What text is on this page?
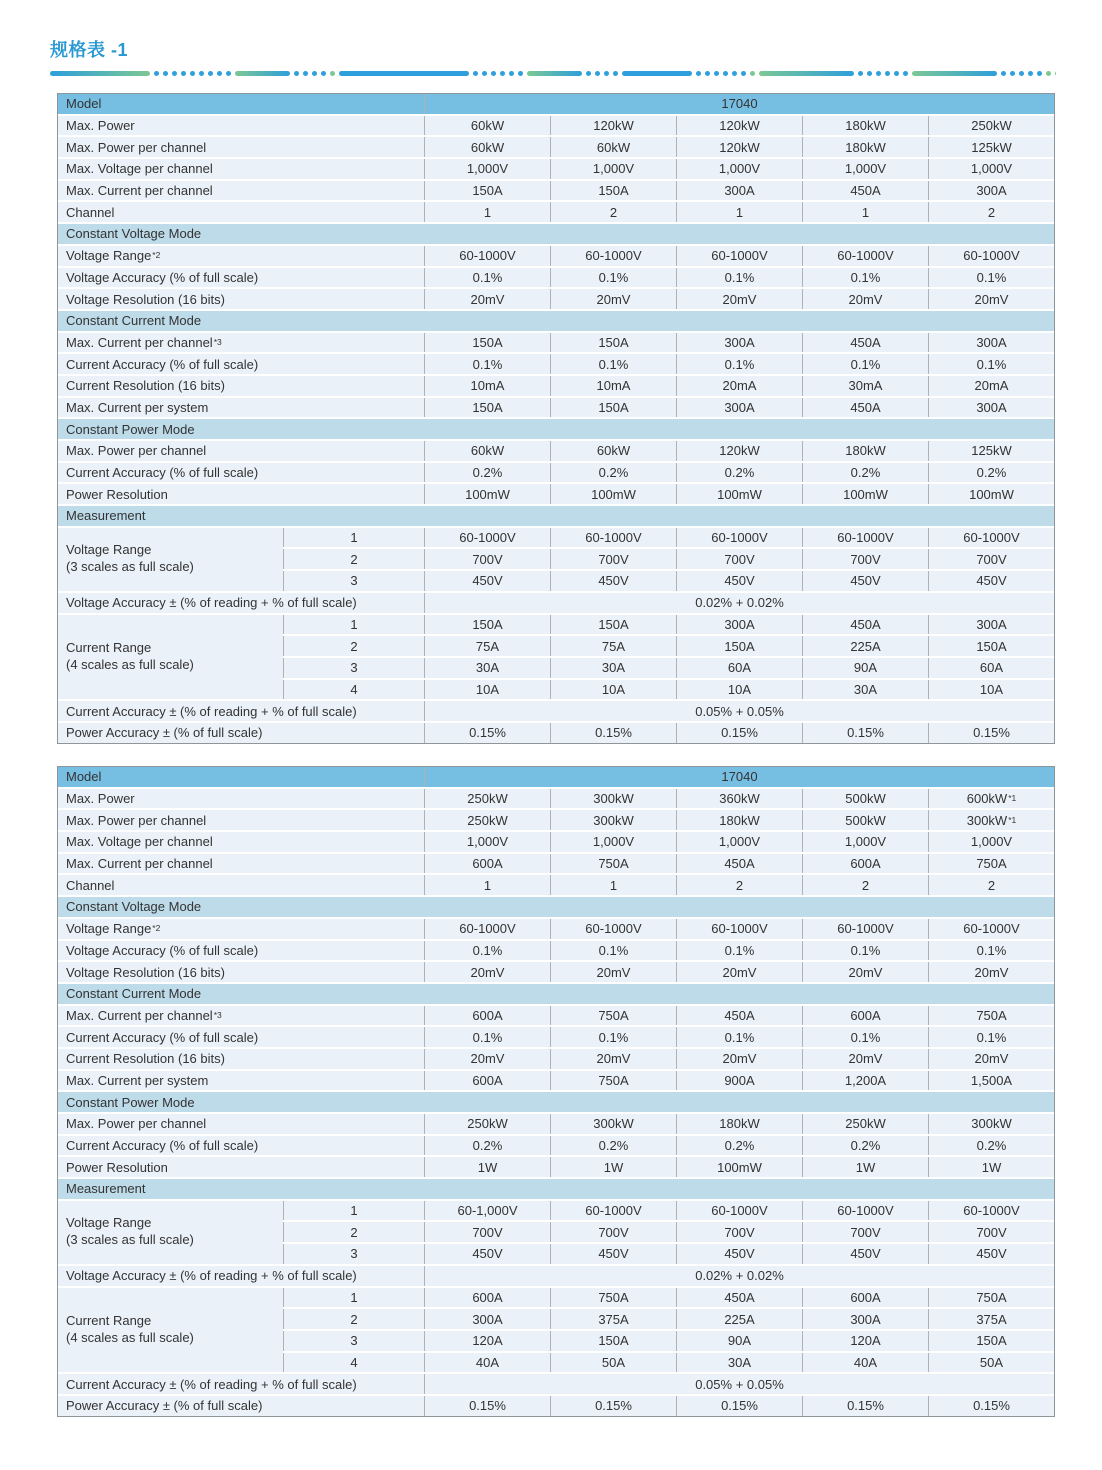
规格表 -1
Model	17040
Max. Power	60kW	120kW	120kW	180kW	250kW
Max. Power per channel	60kW	60kW	120kW	180kW	125kW
Max. Voltage per channel	1,000V	1,000V	1,000V	1,000V	1,000V
Max. Current per channel	150A	150A	300A	450A	300A
Channel	1	2	1	1	2
Constant Voltage Mode
Voltage Range *2	60-1000V	60-1000V	60-1000V	60-1000V	60-1000V
Voltage Accuracy (% of full scale)	0.1%	0.1%	0.1%	0.1%	0.1%
Voltage Resolution (16 bits)	20mV	20mV	20mV	20mV	20mV
Constant Current Mode
Max. Current per channel *3	150A	150A	300A	450A	300A
Current Accuracy (% of full scale)	0.1%	0.1%	0.1%	0.1%	0.1%
Current Resolution (16 bits)	10mA	10mA	20mA	30mA	20mA
Max. Current per system	150A	150A	300A	450A	300A
Constant Power Mode
Max. Power per channel	60kW	60kW	120kW	180kW	125kW
Current Accuracy (% of full scale)	0.2%	0.2%	0.2%	0.2%	0.2%
Power Resolution	100mW	100mW	100mW	100mW	100mW
Measurement
Voltage Range
(3 scales as full scale)
1	60-1000V	60-1000V	60-1000V	60-1000V	60-1000V
2	700V	700V	700V	700V	700V
3	450V	450V	450V	450V	450V
Voltage Accuracy ± (% of reading + % of full scale)	0.02% + 0.02%
Current Range
(4 scales as full scale)
1	150A	150A	300A	450A	300A
2	75A	75A	150A	225A	150A
3	30A	30A	60A	90A	60A
4	10A	10A	10A	30A	10A
Current Accuracy ± (% of reading + % of full scale)	0.05% + 0.05%
Power Accuracy ± (% of full scale)	0.15%	0.15%	0.15%	0.15%	0.15%
Model	17040
Max. Power	250kW	300kW	360kW	500kW	600kW *1
Max. Power per channel	250kW	300kW	180kW	500kW	300kW *1
Max. Voltage per channel	1,000V	1,000V	1,000V	1,000V	1,000V
Max. Current per channel	600A	750A	450A	600A	750A
Channel	1	1	2	2	2
Constant Voltage Mode
Voltage Range *2	60-1000V	60-1000V	60-1000V	60-1000V	60-1000V
Voltage Accuracy (% of full scale)	0.1%	0.1%	0.1%	0.1%	0.1%
Voltage Resolution (16 bits)	20mV	20mV	20mV	20mV	20mV
Constant Current Mode
Max. Current per channel *3	600A	750A	450A	600A	750A
Current Accuracy (% of full scale)	0.1%	0.1%	0.1%	0.1%	0.1%
Current Resolution (16 bits)	20mV	20mV	20mV	20mV	20mV
Max. Current per system	600A	750A	900A	1,200A	1,500A
Constant Power Mode
Max. Power per channel	250kW	300kW	180kW	250kW	300kW
Current Accuracy (% of full scale)	0.2%	0.2%	0.2%	0.2%	0.2%
Power Resolution	1W	1W	100mW	1W	1W
Measurement
Voltage Range
(3 scales as full scale)
1	60-1,000V	60-1000V	60-1000V	60-1000V	60-1000V
2	700V	700V	700V	700V	700V
3	450V	450V	450V	450V	450V
Voltage Accuracy ± (% of reading + % of full scale)	0.02% + 0.02%
Current Range
(4 scales as full scale)
1	600A	750A	450A	600A	750A
2	300A	375A	225A	300A	375A
3	120A	150A	90A	120A	150A
4	40A	50A	30A	40A	50A
Current Accuracy ± (% of reading + % of full scale)	0.05% + 0.05%
Power Accuracy ± (% of full scale)	0.15%	0.15%	0.15%	0.15%	0.15%
